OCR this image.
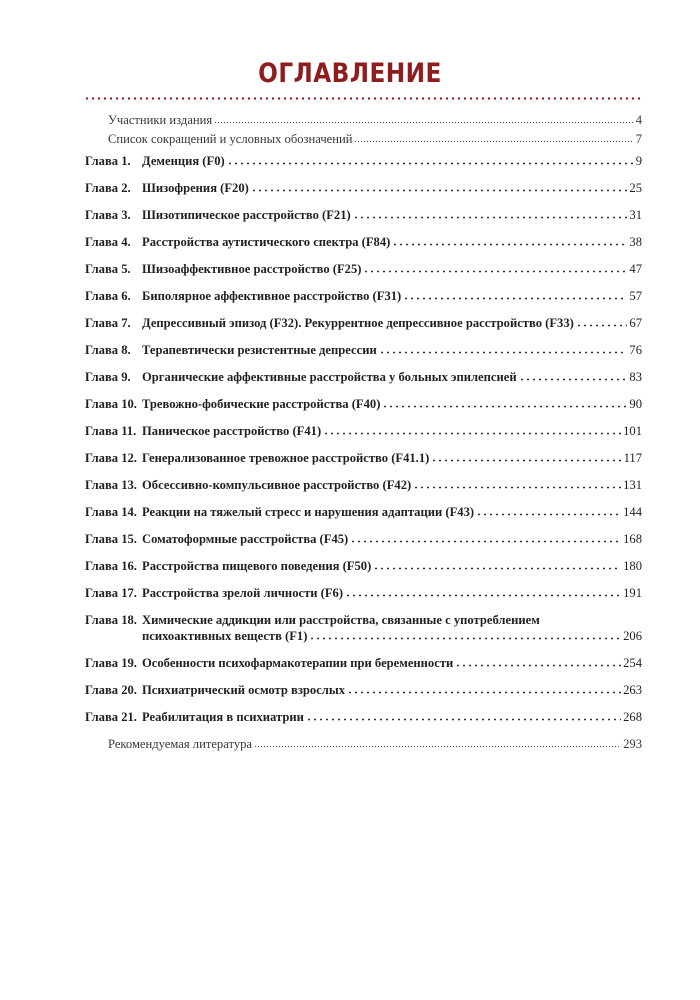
ОГЛАВЛЕНИЕ
Участники издания	4
Список сокращений и условных обозначений	7
Глава 1. Деменция (F0)	9
Глава 2. Шизофрения (F20)	25
Глава 3. Шизотипическое расстройство (F21)	31
Глава 4. Расстройства аутистического спектра (F84)	38
Глава 5. Шизоаффективное расстройство (F25)	47
Глава 6. Биполярное аффективное расстройство (F31)	57
Глава 7. Депрессивный эпизод (F32). Рекуррентное депрессивное расстройство (F33)	67
Глава 8. Терапевтически резистентные депрессии	76
Глава 9. Органические аффективные расстройства у больных эпилепсией	83
Глава 10. Тревожно-фобические расстройства (F40)	90
Глава 11. Паническое расстройство (F41)	101
Глава 12. Генерализованное тревожное расстройство (F41.1)	117
Глава 13. Обсессивно-компульсивное расстройство (F42)	131
Глава 14. Реакции на тяжелый стресс и нарушения адаптации (F43)	144
Глава 15. Соматоформные расстройства (F45)	168
Глава 16. Расстройства пищевого поведения (F50)	180
Глава 17. Расстройства зрелой личности (F6)	191
Глава 18. Химические аддикции или расстройства, связанные с употреблением
психоактивных веществ (F1)	206
Глава 19. Особенности психофармакотерапии при беременности	254
Глава 20. Психиатрический осмотр взрослых	263
Глава 21. Реабилитация в психиатрии	268
Рекомендуемая литература	293
